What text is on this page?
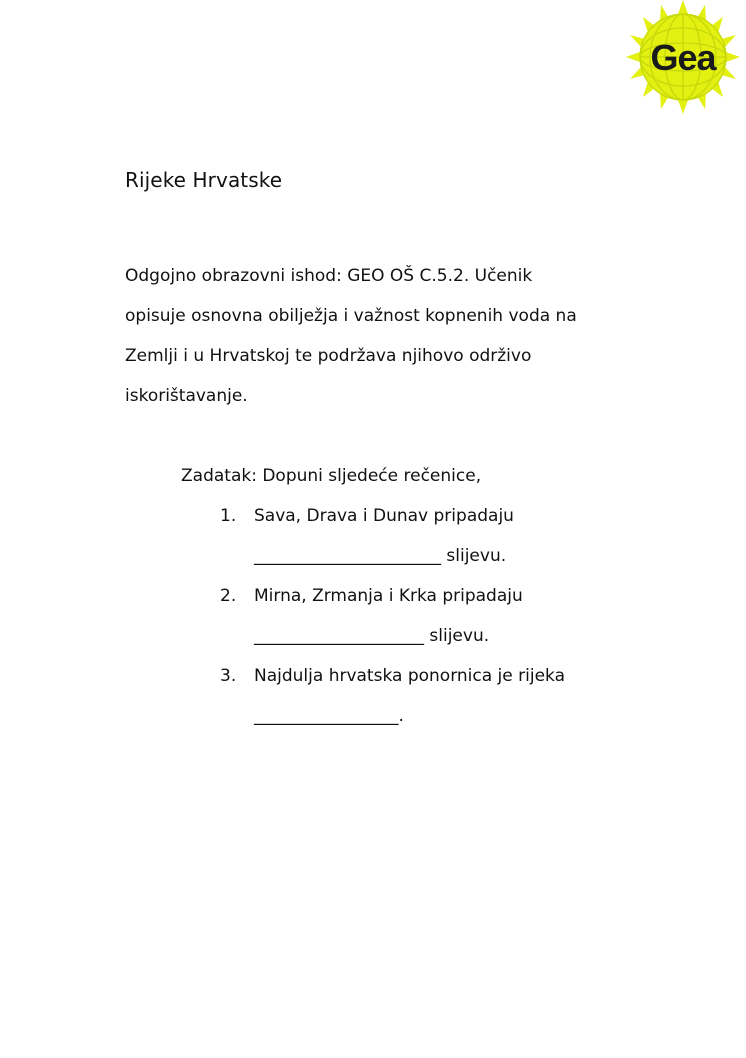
Gea
Rijeke Hrvatske

Odgojno obrazovni ishod: GEO OŠ C.5.2. Učenik
opisuje osnovna obilježja i važnost kopnenih voda na
Zemlji i u Hrvatskoj te podržava njihovo održivo
iskorištavanje.

Zadatak: Dopuni sljedeće rečenice,
1. Sava, Drava i Dunav pripadaju
______________________ slijevu.
2. Mirna, Zrmanja i Krka pripadaju
____________________ slijevu.
3. Najdulja hrvatska ponornica je rijeka
_________________.
